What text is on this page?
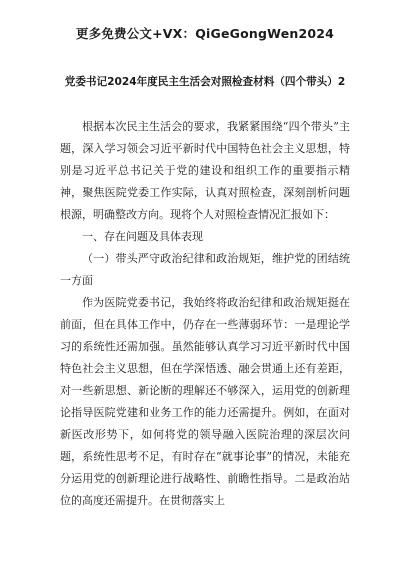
更多免费公文+VX：QiGeGongWen2024
党委书记2024年度民主生活会对照检查材料（四个带头）2

根据本次民主生活会的要求，我紧紧围绕“四个带头”主题，深入学习领会习近平新时代中国特色社会主义思想，特别是习近平总书记关于党的建设和组织工作的重要指示精神，聚焦医院党委工作实际，认真对照检查，深刻剖析问题根源，明确整改方向。现将个人对照检查情况汇报如下：

一、存在问题及具体表现

（一）带头严守政治纪律和政治规矩，维护党的团结统一方面

作为医院党委书记，我始终将政治纪律和政治规矩挺在前面，但在具体工作中，仍存在一些薄弱环节：一是理论学习的系统性还需加强。虽然能够认真学习习近平新时代中国特色社会主义思想，但在学深悟透、融会贯通上还有差距，对一些新思想、新论断的理解还不够深入，运用党的创新理论指导医院党建和业务工作的能力还需提升。例如，在面对新医改形势下，如何将党的领导融入医院治理的深层次问题，系统性思考不足，有时存在“就事论事”的情况，未能充分运用党的创新理论进行战略性、前瞻性指导。二是政治站位的高度还需提升。在贯彻落实上
